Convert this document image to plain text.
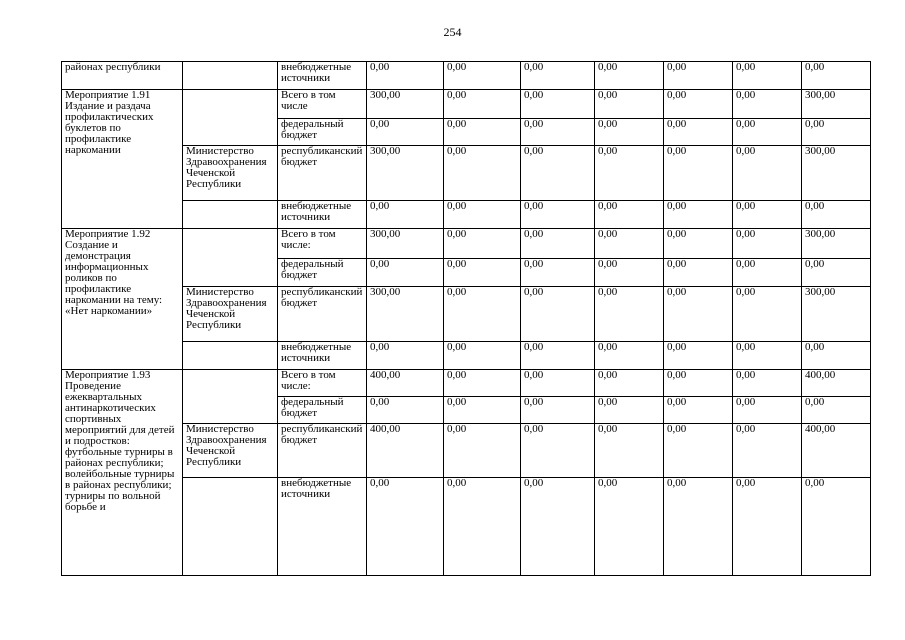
254
районах республики		внебюджетные источники	0,00	0,00	0,00	0,00	0,00	0,00	0,00
Мероприятие 1.91 Издание и раздача профилактических буклетов по профилактике наркомании		Всего в том числе	300,00	0,00	0,00	0,00	0,00	0,00	300,00
		федеральный бюджет	0,00	0,00	0,00	0,00	0,00	0,00	0,00
	Министерство Здравоохранения Чеченской Республики	республиканский бюджет	300,00	0,00	0,00	0,00	0,00	0,00	300,00
		внебюджетные источники	0,00	0,00	0,00	0,00	0,00	0,00	0,00
Мероприятие 1.92 Создание и демонстрация информационных роликов по профилактике наркомании на тему: «Нет наркомании»		Всего в том числе:	300,00	0,00	0,00	0,00	0,00	0,00	300,00
		федеральный бюджет	0,00	0,00	0,00	0,00	0,00	0,00	0,00
	Министерство Здравоохранения Чеченской Республики	республиканский бюджет	300,00	0,00	0,00	0,00	0,00	0,00	300,00
		внебюджетные источники	0,00	0,00	0,00	0,00	0,00	0,00	0,00
Мероприятие 1.93 Проведение ежеквартальных антинаркотических спортивных мероприятий для детей и подростков: футбольные турниры в районах республики; волейбольные турниры в районах республики; турниры по вольной борьбе и		Всего в том числе:	400,00	0,00	0,00	0,00	0,00	0,00	400,00
		федеральный бюджет	0,00	0,00	0,00	0,00	0,00	0,00	0,00
	Министерство Здравоохранения Чеченской Республики	республиканский бюджет	400,00	0,00	0,00	0,00	0,00	0,00	400,00
		внебюджетные источники	0,00	0,00	0,00	0,00	0,00	0,00	0,00
